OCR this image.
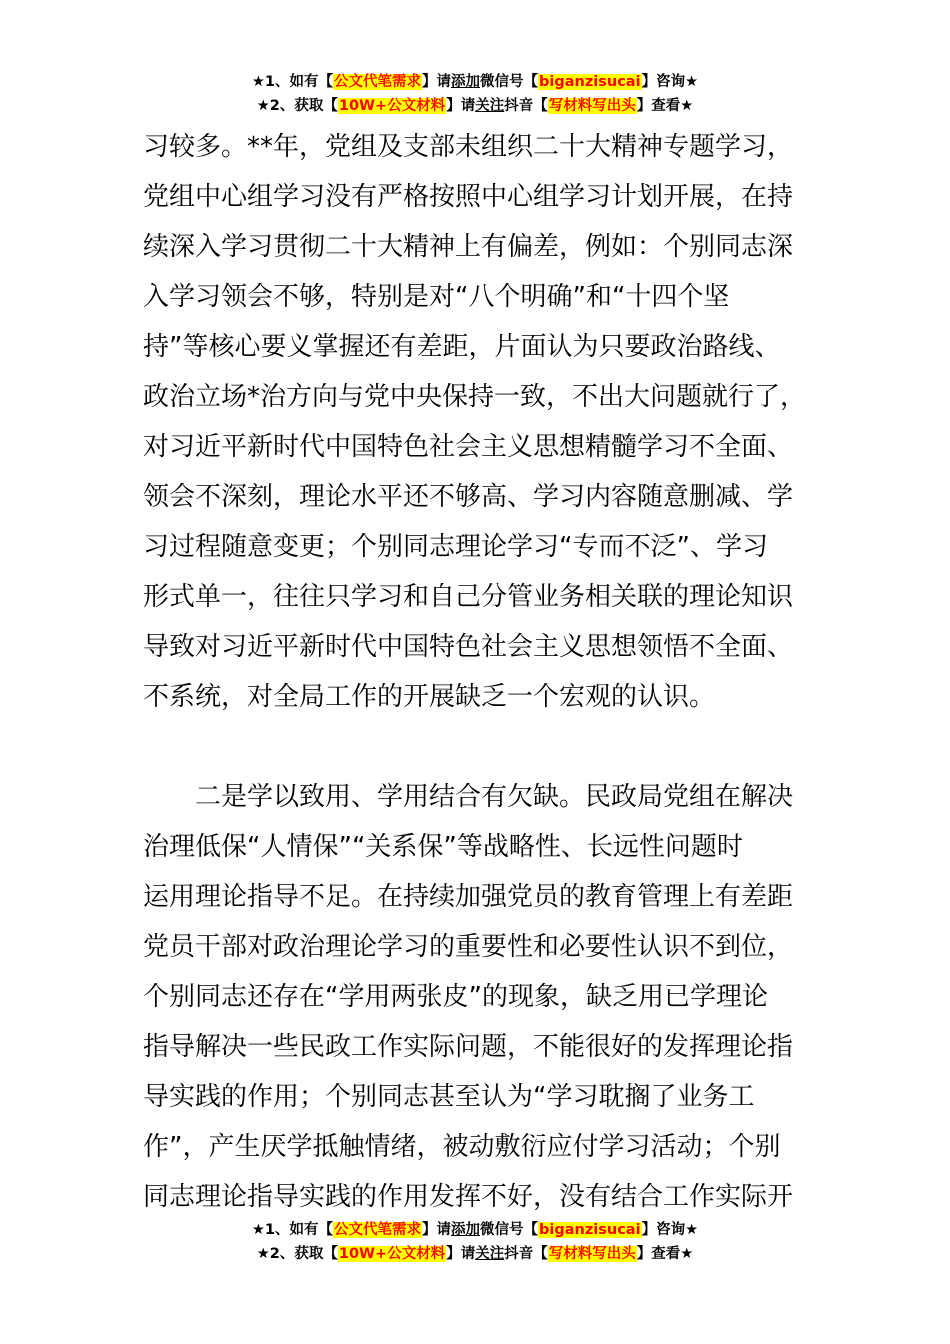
★1、如有【公文代笔需求】请添加微信号【biganzisucai】咨询★
★2、获取【10W+公文材料】请关注抖音【写材料写出头】查看★
习较多。**年，党组及支部未组织二十大精神专题学习，
党组中心组学习没有严格按照中心组学习计划开展，在持
续深入学习贯彻二十大精神上有偏差，例如：个别同志深
入学习领会不够，特别是对“八个明确”和“十四个坚
持”等核心要义掌握还有差距，片面认为只要政治路线、
政治立场*治方向与党中央保持一致，不出大问题就行了，
对习近平新时代中国特色社会主义思想精髓学习不全面、
领会不深刻，理论水平还不够高、学习内容随意删减、学
习过程随意变更；个别同志理论学习“专而不泛”、学习
形式单一，往往只学习和自己分管业务相关联的理论知识
导致对习近平新时代中国特色社会主义思想领悟不全面、
不系统，对全局工作的开展缺乏一个宏观的认识。
二是学以致用、学用结合有欠缺。民政局党组在解决
治理低保“人情保”“关系保”等战略性、长远性问题时
运用理论指导不足。在持续加强党员的教育管理上有差距
党员干部对政治理论学习的重要性和必要性认识不到位，
个别同志还存在“学用两张皮”的现象，缺乏用已学理论
指导解决一些民政工作实际问题，不能很好的发挥理论指
导实践的作用；个别同志甚至认为“学习耽搁了业务工
作”，产生厌学抵触情绪，被动敷衍应付学习活动；个别
同志理论指导实践的作用发挥不好，没有结合工作实际开
★1、如有【公文代笔需求】请添加微信号【biganzisucai】咨询★
★2、获取【10W+公文材料】请关注抖音【写材料写出头】查看★
